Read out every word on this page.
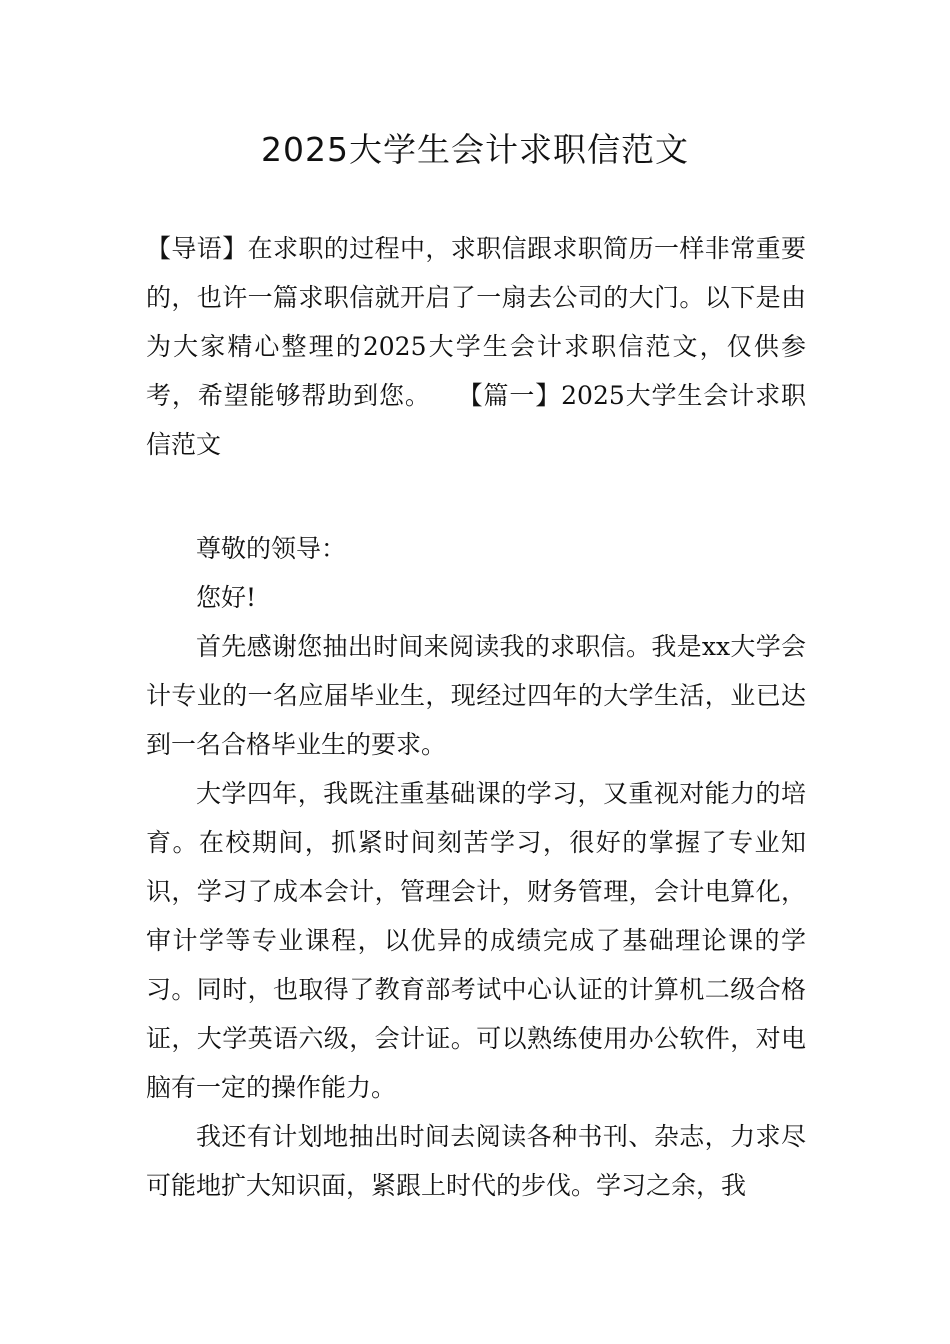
2025大学生会计求职信范文

【导语】在求职的过程中，求职信跟求职简历一样非常重要的，也许一篇求职信就开启了一扇去公司的大门。以下是由为大家精心整理的2025大学生会计求职信范文，仅供参考，希望能够帮助到您。　　【篇一】2025大学生会计求职信范文

尊敬的领导：

您好!

首先感谢您抽出时间来阅读我的求职信。我是xx大学会计专业的一名应届毕业生，现经过四年的大学生活，业已达到一名合格毕业生的要求。

大学四年，我既注重基础课的学习，又重视对能力的培育。在校期间，抓紧时间刻苦学习，很好的掌握了专业知识，学习了成本会计，管理会计，财务管理，会计电算化，审计学等专业课程，以优异的成绩完成了基础理论课的学习。同时，也取得了教育部考试中心认证的计算机二级合格证，大学英语六级，会计证。可以熟练使用办公软件，对电脑有一定的操作能力。

我还有计划地抽出时间去阅读各种书刊、杂志，力求尽可能地扩大知识面，紧跟上时代的步伐。学习之余，我
